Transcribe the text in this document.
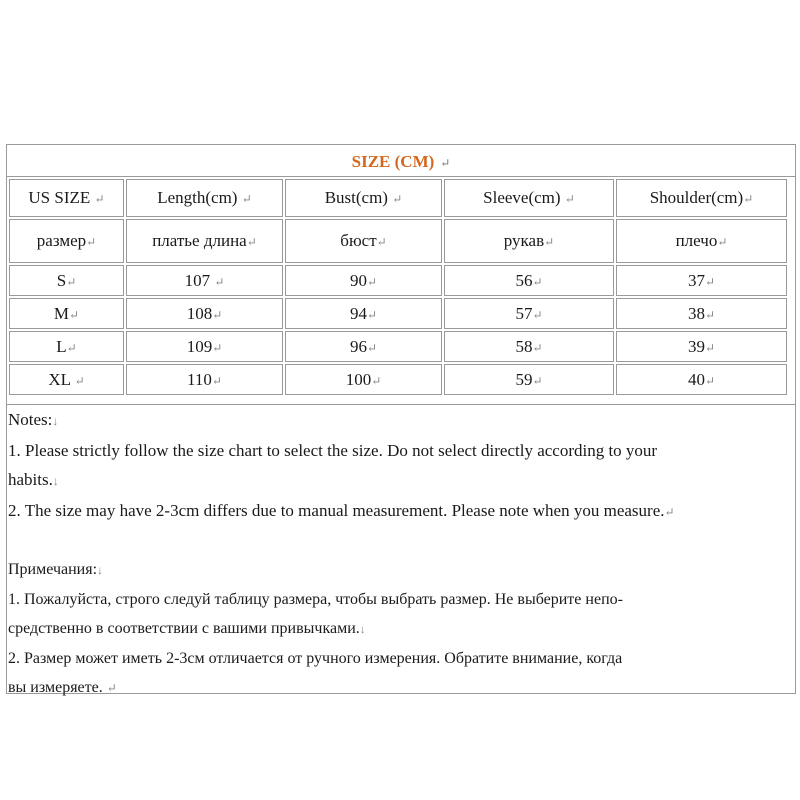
SIZE (CM) ↵
US SIZE ↵	Length(cm) ↵	Bust(cm) ↵	Sleeve(cm) ↵	Shoulder(cm)↵
размер↵	платье длина↵	бюст↵	рукав↵	плечо↵
S↵	107 ↵	90↵	56↵	37↵
M↵	108↵	94↵	57↵	38↵
L↵	109↵	96↵	58↵	39↵
XL ↵	110↵	100↵	59↵	40↵

Notes:↓

1. Please strictly follow the size chart to select the size. Do not select directly according to your

habits.↓

2. The size may have 2-3cm differs due to manual measurement. Please note when you measure.↵

Примечания:↓

1. Пожалуйста, строго следуй таблицу размера, чтобы выбрать размер. Не выберите непо-

средственно в соответствии с вашими привычками.↓

2. Размер может иметь 2-3см отличается от ручного измерения. Обратите внимание, когда

вы измеряете. ↵
